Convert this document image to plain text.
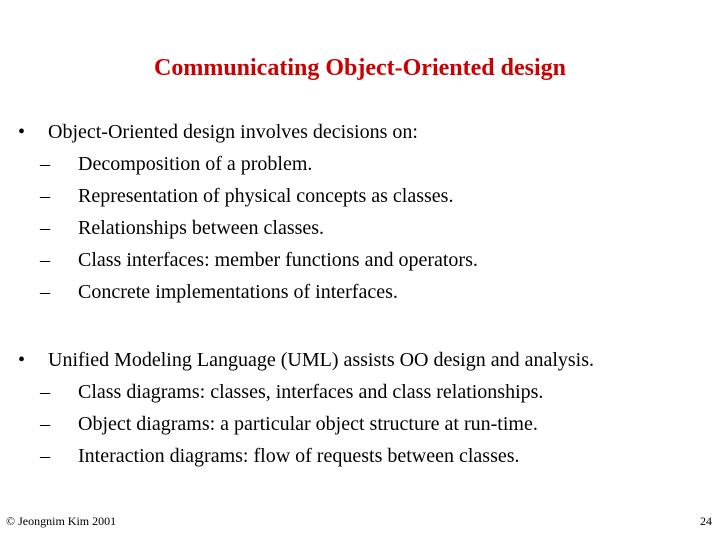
Communicating Object-Oriented design
•	Object-Oriented design involves decisions on:
–	Decomposition of a problem.
–	Representation of physical concepts as classes.
–	Relationships between classes.
–	Class interfaces: member functions and operators.
–	Concrete implementations of interfaces.
•	Unified Modeling Language (UML) assists OO design and analysis.
–	Class diagrams: classes, interfaces and class relationships.
–	Object diagrams: a particular object structure at run-time.
–	Interaction diagrams: flow of requests between classes.
© Jeongnim Kim 2001	24
